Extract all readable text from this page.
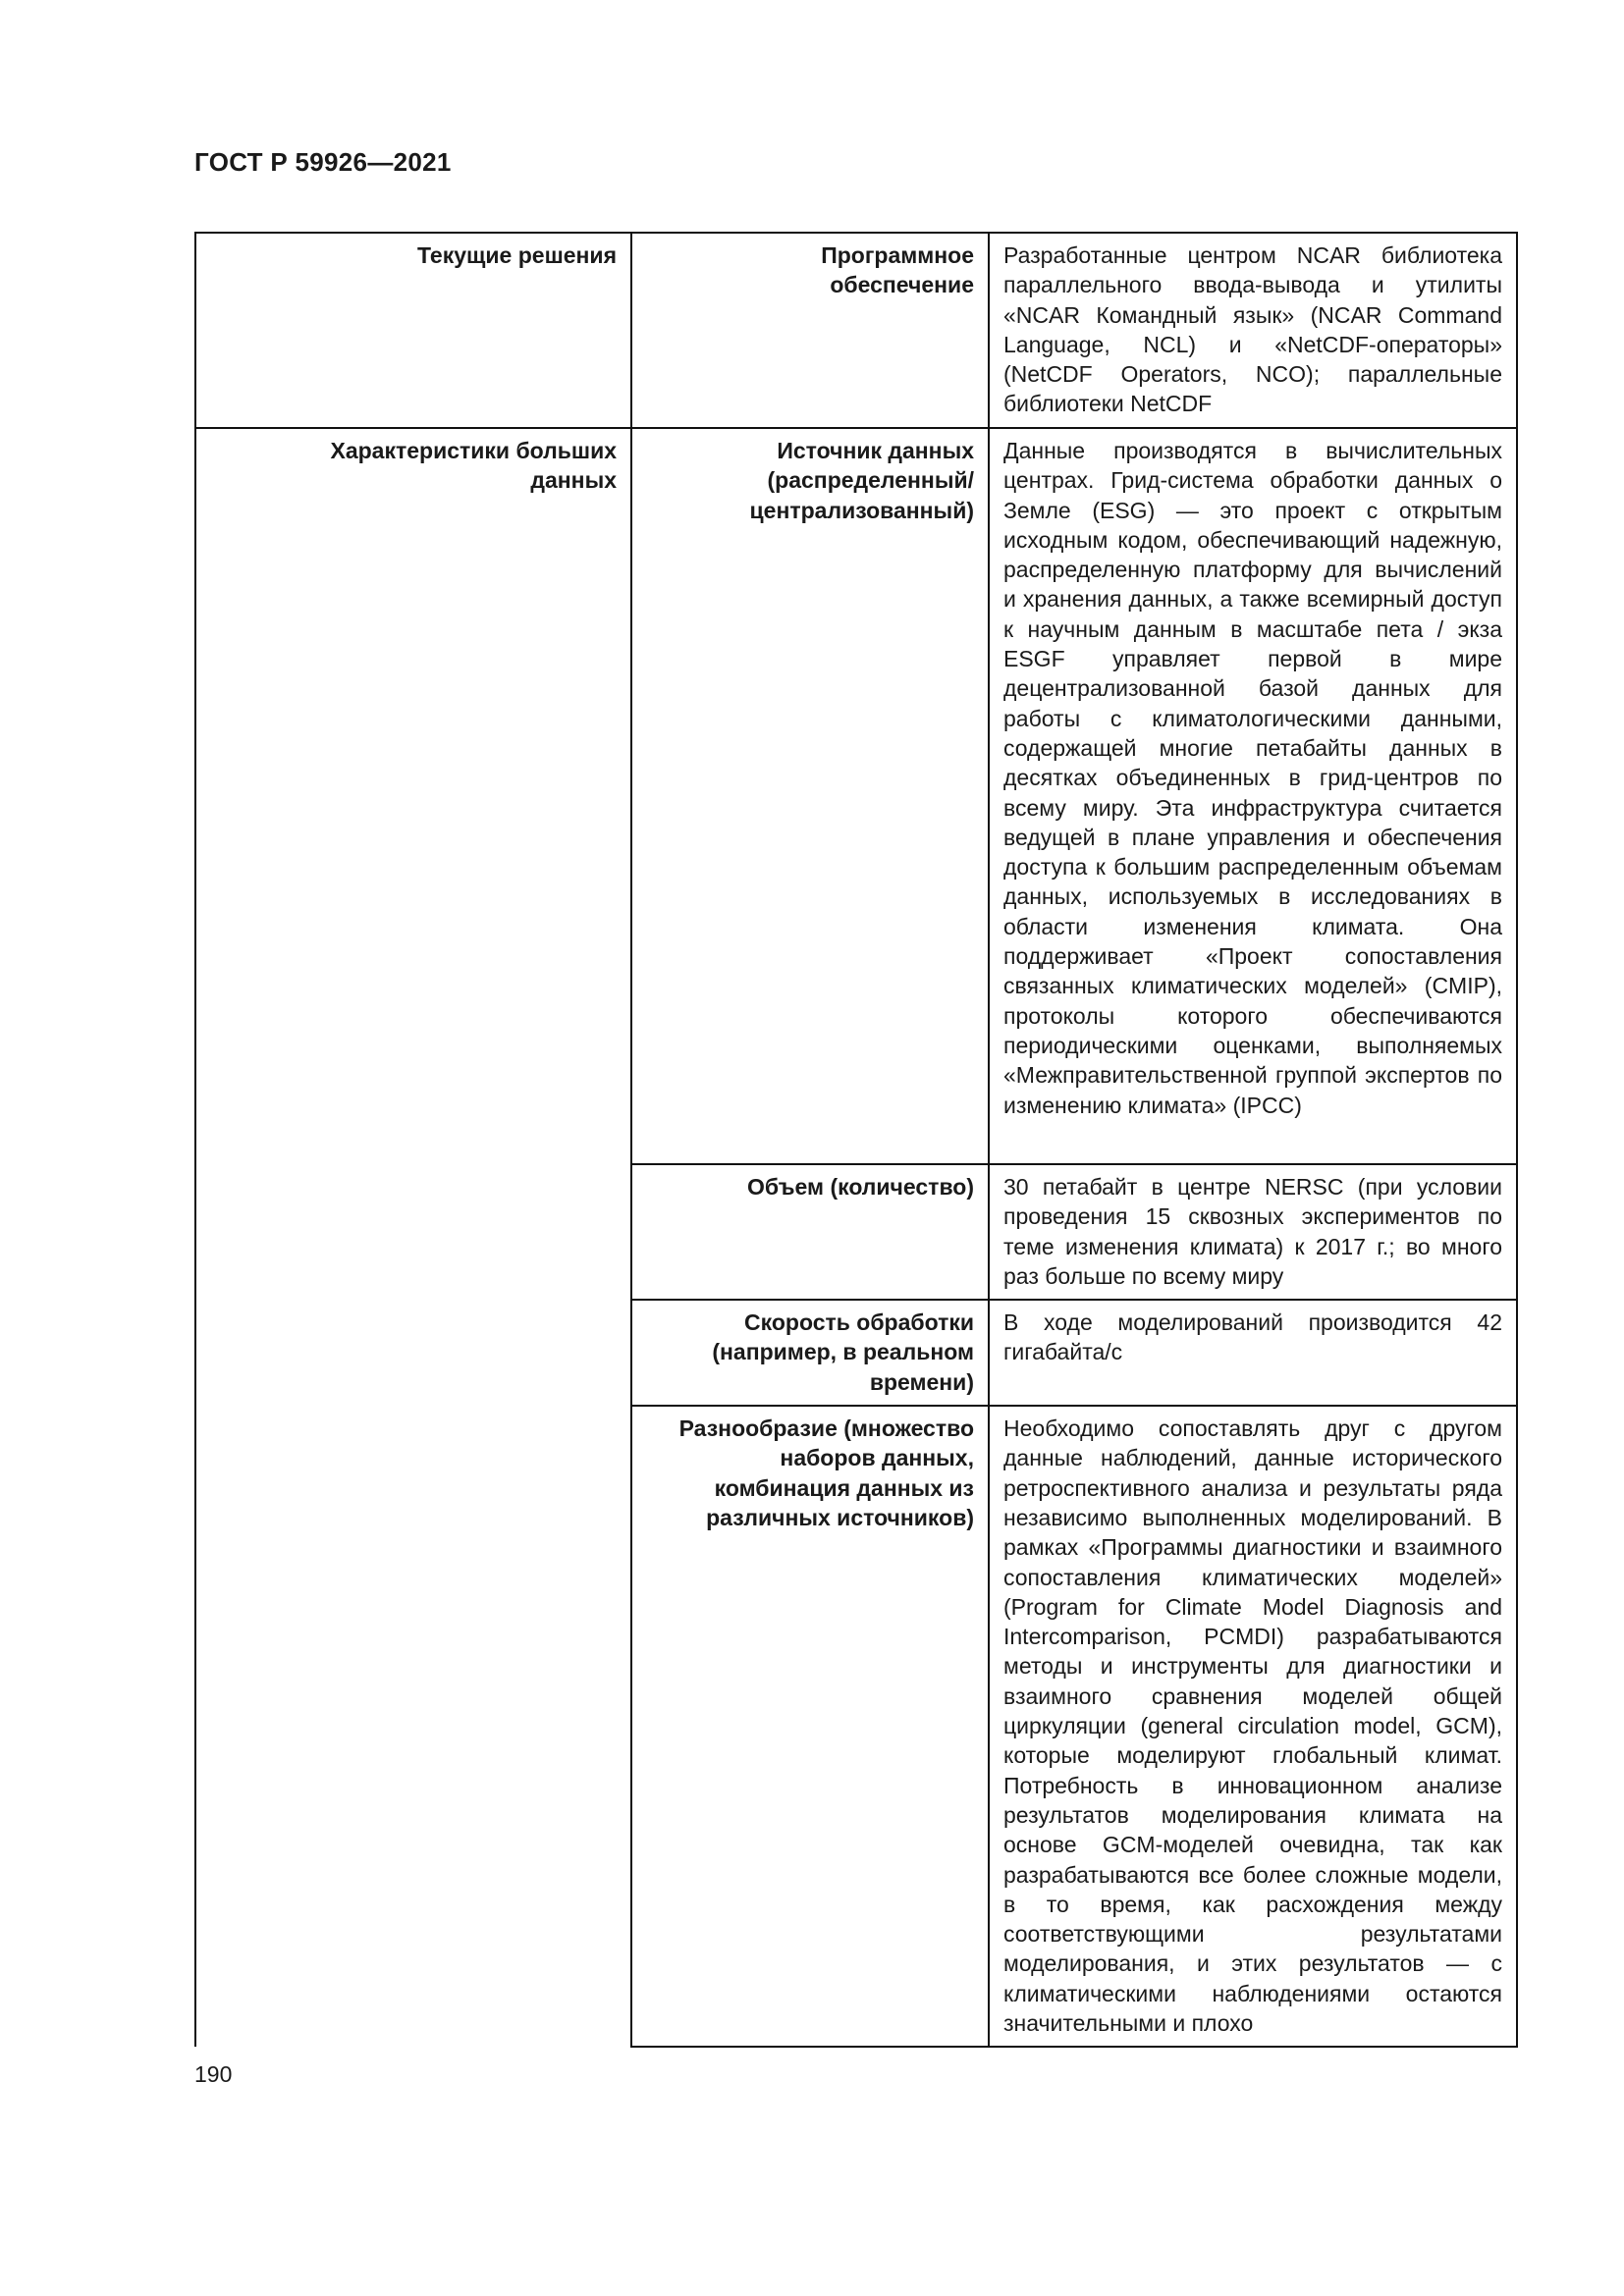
ГОСТ Р 59926—2021
Текущие решения	Программное обеспечение	Разработанные центром NCAR библиотека параллельного ввода-вывода и утилиты «NCAR Командный язык» (NCAR Command Language, NCL) и «NetCDF-операторы» (NetCDF Operators, NCO); параллельные библиотеки NetCDF

Характеристики больших данных	Источник данных (распределенный/ централизованный)	Данные производятся в вычислительных центрах. Грид-система обработки данных о Земле (ESG) — это проект с открытым исходным кодом, обеспечивающий надежную, распределенную платформу для вычислений и хранения данных, а также всемирный доступ к научным данным в масштабе пета / экза ESGF управляет первой в мире децентрализованной базой данных для работы с климатологическими данными, содержащей многие петабайты данных в десятках объединенных в грид-центров по всему миру. Эта инфраструктура считается ведущей в плане управления и обеспечения доступа к большим распределенным объемам данных, используемых в исследованиях в области изменения климата. Она поддерживает «Проект сопоставления связанных климатических моделей» (CMIP), протоколы которого обеспечиваются периодическими оценками, выполняемых «Межправительственной группой экспертов по изменению климата» (IPCC)

	Объем (количество)	30 петабайт в центре NERSC (при условии проведения 15 сквозных экспериментов по теме изменения климата) к 2017 г.; во много раз больше по всему миру

	Скорость обработки (например, в реальном времени)	В ходе моделирований производится 42 гигабайта/с

	Разнообразие (множество наборов данных, комбинация данных из различных источников)	Необходимо сопоставлять друг с другом данные наблюдений, данные исторического ретроспективного анализа и результаты ряда независимо выполненных моделирований. В рамках «Программы диагностики и взаимного сопоставления климатических моделей» (Program for Climate Model Diagnosis and Intercomparison, PCMDI) разрабатываются методы и инструменты для диагностики и взаимного сравнения моделей общей циркуляции (general circulation model, GCM), которые моделируют глобальный климат. Потребность в инновационном анализе результатов моделирования климата на основе GCM-моделей очевидна, так как разрабатываются все более сложные модели, в то время, как расхождения между соответствующими результатами моделирования, и этих результатов — с климатическими наблюдениями остаются значительными и плохо
190
